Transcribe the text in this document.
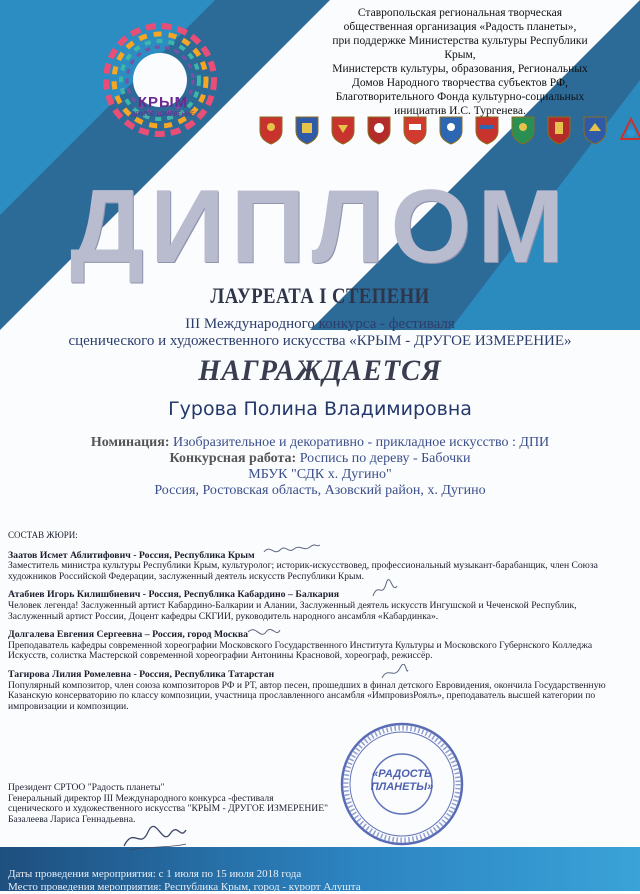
Ставропольская региональная творческая
общественная организация «Радость планеты»,
при поддержке Министерства культуры Республики Крым,
Министерств культуры, образования, Региональных
Домов Народного творчества субъектов РФ,
Благотворительного Фонда культурно-социальных
инициатив И.С. Тургенева.
КРЫМ
ДРУГОЕ ИЗМЕРЕНИЕ
ДИПЛОМ
ЛАУРЕАТА I СТЕПЕНИ
III Международного конкурса - фестиваля
сценического и художественного искусства «КРЫМ - ДРУГОЕ ИЗМЕРЕНИЕ»
НАГРАЖДАЕТСЯ
Гурова Полина Владимировна
Номинация: Изобразительное и декоративно - прикладное искусство : ДПИ
Конкурсная работа: Роспись по дереву - Бабочки
МБУК "СДК х. Дугино"
Россия, Ростовская область, Азовский район, х. Дугино
СОСТАВ ЖЮРИ:
Заатов Исмет Аблитифович - Россия, Республика Крым
Заместитель министра культуры Республики Крым, культуролог; историк-искусствовед, профессиональный музыкант-барабанщик, член Союза художников Российской Федерации, заслуженный деятель искусств Республики Крым.
Атабиев Игорь Килишбиевич - Россия, Республика Кабардино – Балкария
Человек легенда! Заслуженный артист Кабардино-Балкарии и Алании, Заслуженный деятель искусств Ингушской и Чеченской Республик, Заслуженный артист России, Доцент кафедры СКГИИ, руководитель народного ансамбля «Кабардинка».
Долгалева Евгения Сергеевна – Россия, город Москва
Преподаватель кафедры современной хореографии Московского Государственного Института Культуры и Московского Губернского Колледжа Искусств, солистка Мастерской современной хореографии Антонины Красновой, хореограф, режиссёр.
Тагирова Лилия Ромелевна - Россия, Республика Татарстан
Популярный композитор, член союза композиторов РФ и РТ, автор песен, прошедших в финал детского Евровидения, окончила Государственную Казанскую консерваторию по классу композиции, участница прославленного ансамбля «ИмпровизРоялъ», преподаватель высшей категории по импровизации и композиции.
Президент СРТОО "Радость планеты"
Генеральный директор III Международного конкурса -фестиваля
сценического и художественного искусства "КРЫМ - ДРУГОЕ ИЗМЕРЕНИЕ"
Базалеева Лариса Геннадьевна.
«РАДОСТЬ
ПЛАНЕТЫ»
Даты проведения мероприятия: с 1 июля по 15 июля 2018 года
Место проведения мероприятия: Республика Крым, город - курорт Алушта
